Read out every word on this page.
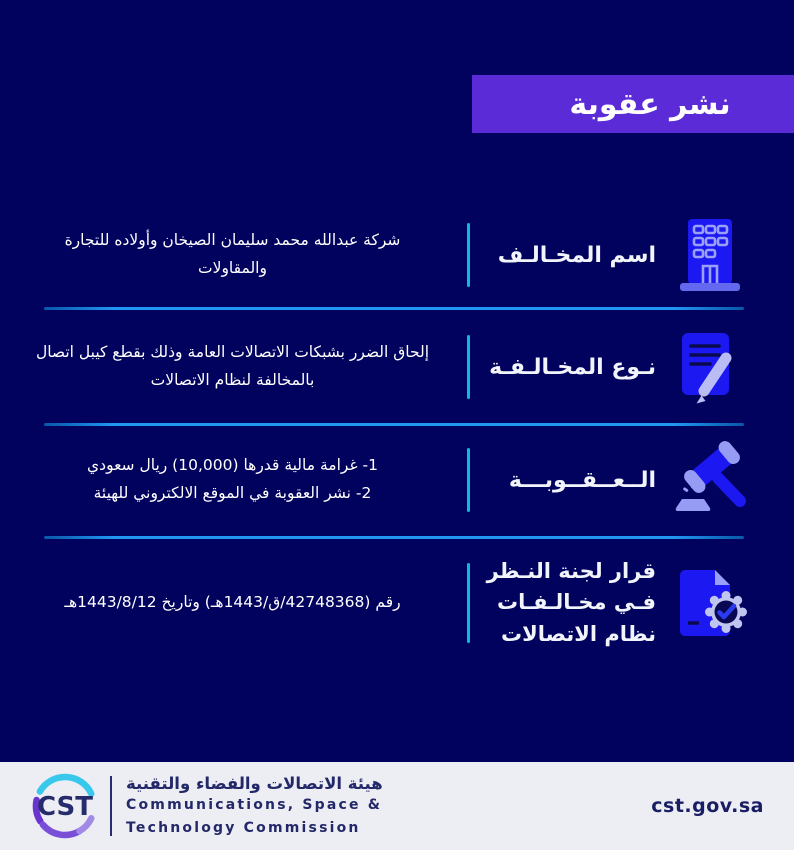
نشر عقوبة
اسم المخـالـف
شركة عبدالله محمد سليمان الصيخان وأولاده للتجارة والمقاولات
نـوع المخـالـفـة
إلحاق الضرر بشبكات الاتصالات العامة وذلك بقطع كيبل اتصال بالمخالفة لنظام الاتصالات
الــعــقــوبـــة
1- غرامة مالية قدرها (10,000) ريال سعودي
2- نشر العقوبة في الموقع الالكتروني للهيئة
قرار لجنة النـظر
فـي مخـالـفـات
نظام الاتصالات
رقم (42748368/ق/1443هـ) وتاريخ 1443/8/12هـ
CST
هيئة الاتصالات والفضاء والتقنية
Communications, Space &
Technology Commission
cst.gov.sa
